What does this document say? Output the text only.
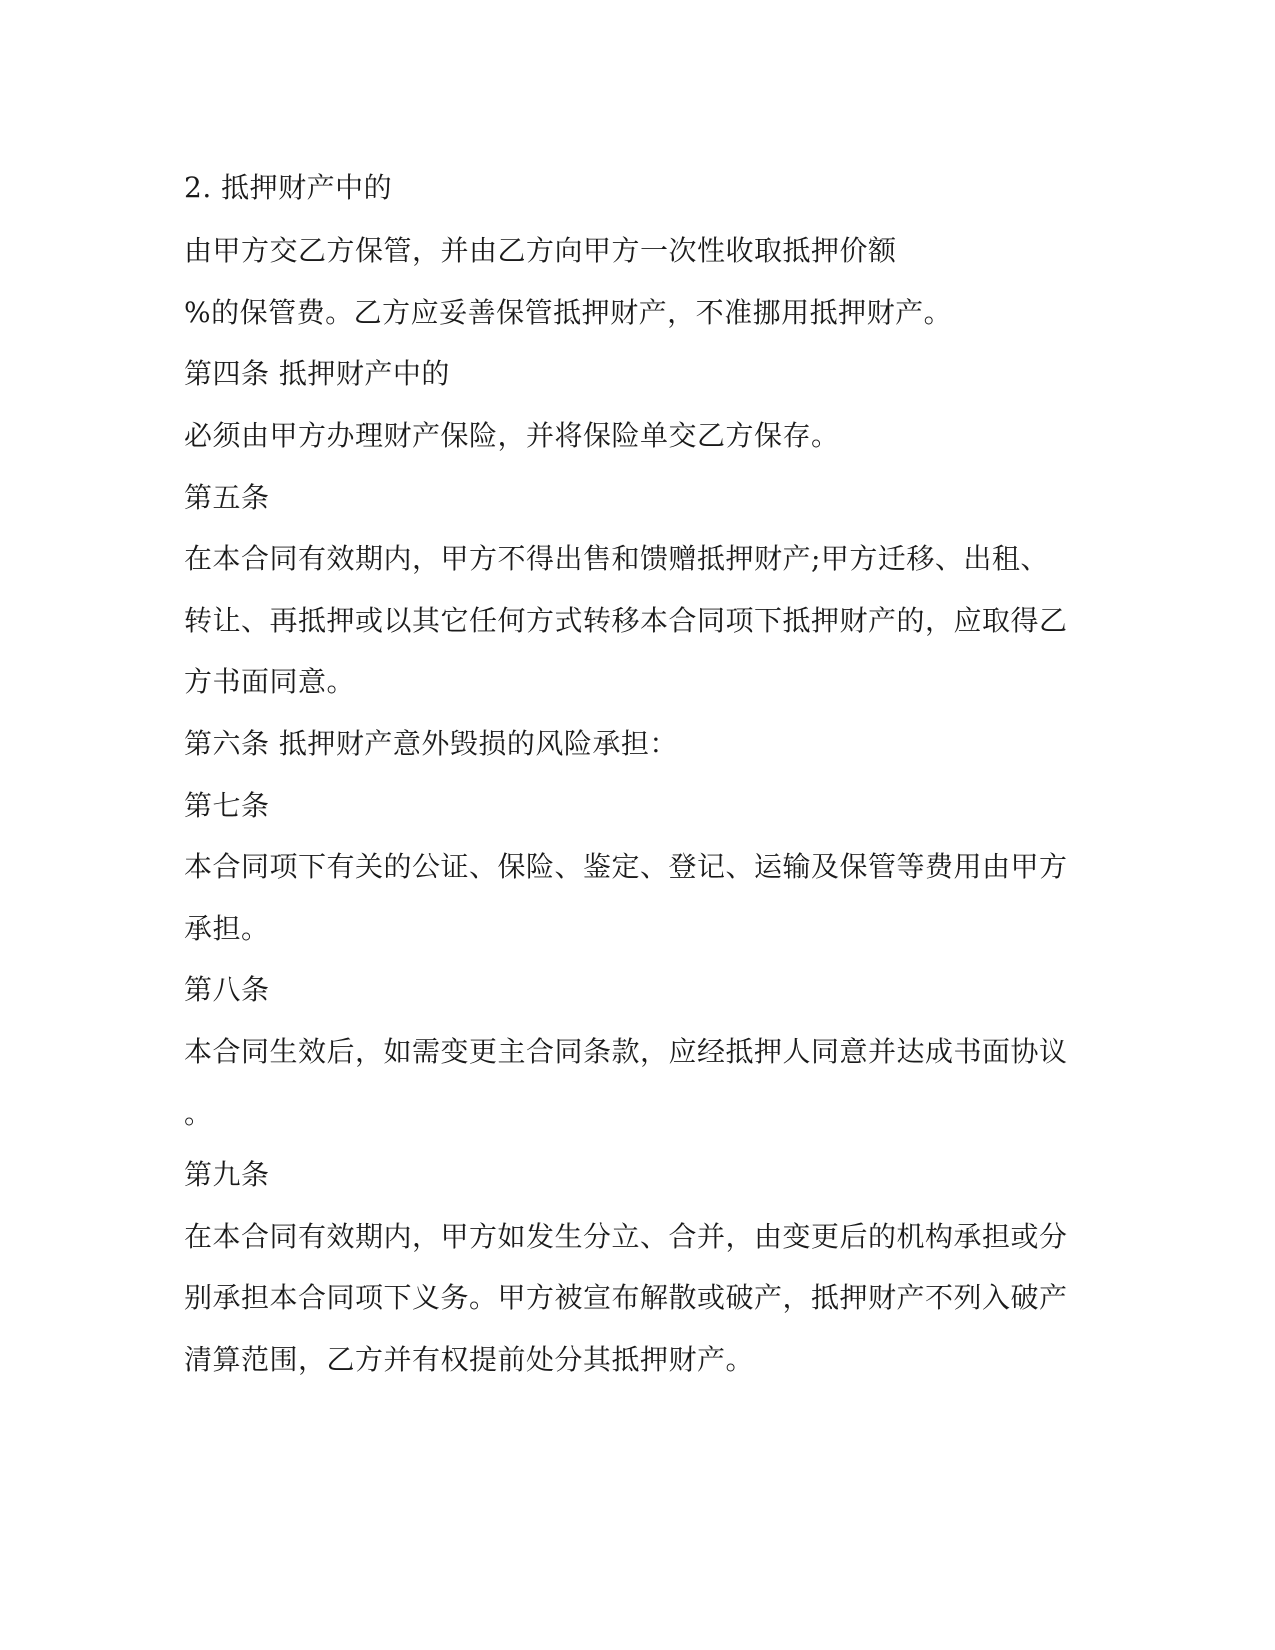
2. 抵押财产中的

由甲方交乙方保管，并由乙方向甲方一次性收取抵押价额

%的保管费。乙方应妥善保管抵押财产，不准挪用抵押财产。

第四条 抵押财产中的

必须由甲方办理财产保险，并将保险单交乙方保存。

第五条

在本合同有效期内，甲方不得出售和馈赠抵押财产;甲方迁移、出租、

转让、再抵押或以其它任何方式转移本合同项下抵押财产的，应取得乙

方书面同意。

第六条 抵押财产意外毁损的风险承担：

第七条

本合同项下有关的公证、保险、鉴定、登记、运输及保管等费用由甲方

承担。

第八条

本合同生效后，如需变更主合同条款，应经抵押人同意并达成书面协议

。

第九条

在本合同有效期内，甲方如发生分立、合并，由变更后的机构承担或分

别承担本合同项下义务。甲方被宣布解散或破产，抵押财产不列入破产

清算范围，乙方并有权提前处分其抵押财产。
